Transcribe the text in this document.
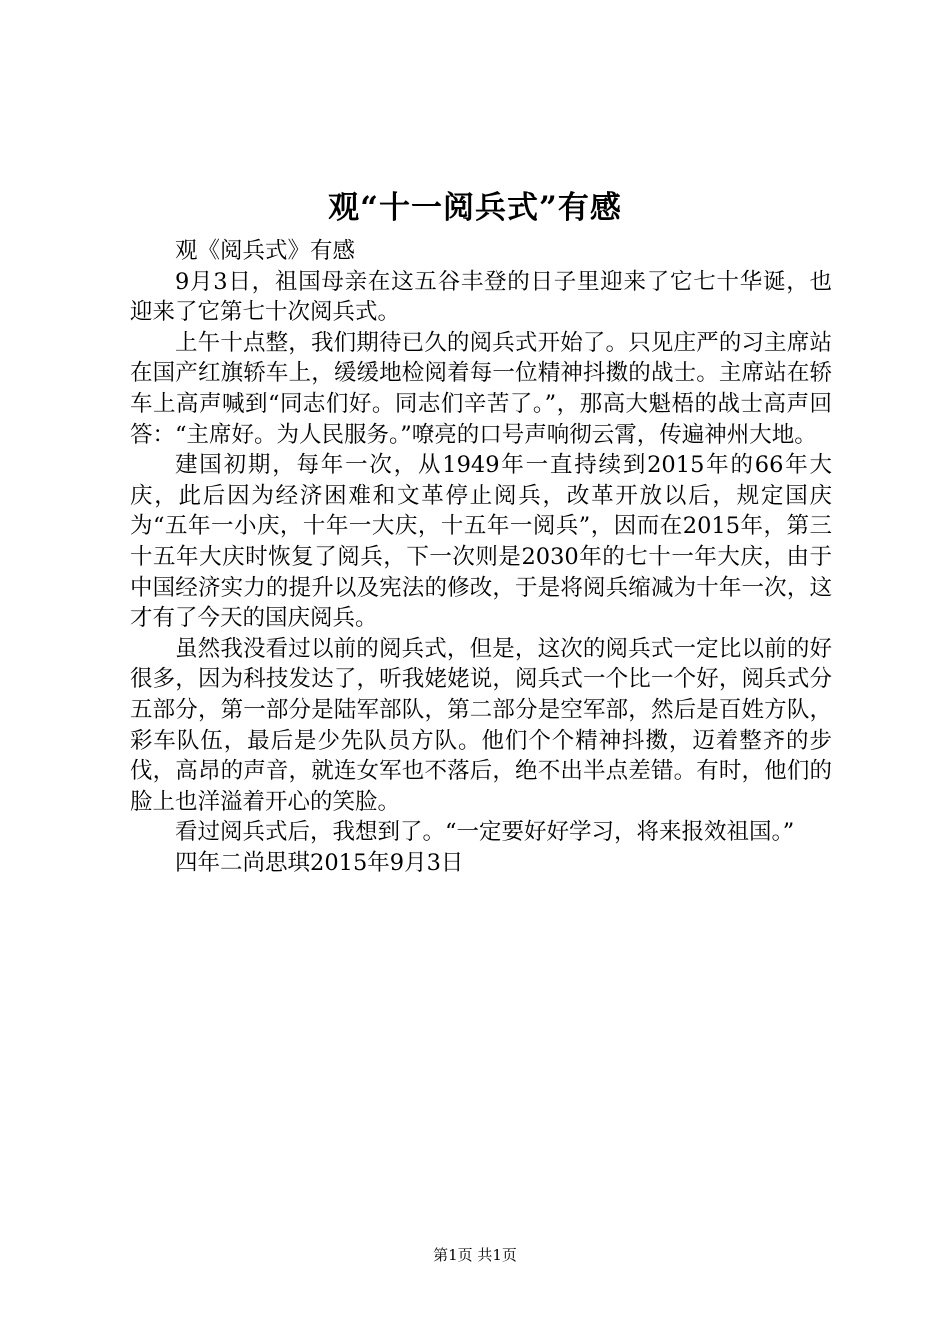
观“十一阅兵式”有感

观《阅兵式》有感

9月3日，祖国母亲在这五谷丰登的日子里迎来了它七十华诞，也迎来了它第七十次阅兵式。

上午十点整，我们期待已久的阅兵式开始了。只见庄严的习主席站在国产红旗轿车上，缓缓地检阅着每一位精神抖擞的战士。主席站在轿车上高声喊到“同志们好。同志们辛苦了。”，那高大魁梧的战士高声回答：“主席好。为人民服务。”嘹亮的口号声响彻云霄，传遍神州大地。

建国初期，每年一次，从1949年一直持续到2015年的66年大庆，此后因为经济困难和文革停止阅兵，改革开放以后，规定国庆为“五年一小庆，十年一大庆，十五年一阅兵”，因而在2015年，第三十五年大庆时恢复了阅兵，下一次则是2030年的七十一年大庆，由于中国经济实力的提升以及宪法的修改，于是将阅兵缩减为十年一次，这才有了今天的国庆阅兵。

虽然我没看过以前的阅兵式，但是，这次的阅兵式一定比以前的好很多，因为科技发达了，听我姥姥说，阅兵式一个比一个好，阅兵式分五部分，第一部分是陆军部队，第二部分是空军部，然后是百姓方队，彩车队伍，最后是少先队员方队。他们个个精神抖擞，迈着整齐的步伐，高昂的声音，就连女军也不落后，绝不出半点差错。有时，他们的脸上也洋溢着开心的笑脸。

看过阅兵式后，我想到了。“一定要好好学习，将来报效祖国。”

四年二尚思琪2015年9月3日

第1页 共1页
